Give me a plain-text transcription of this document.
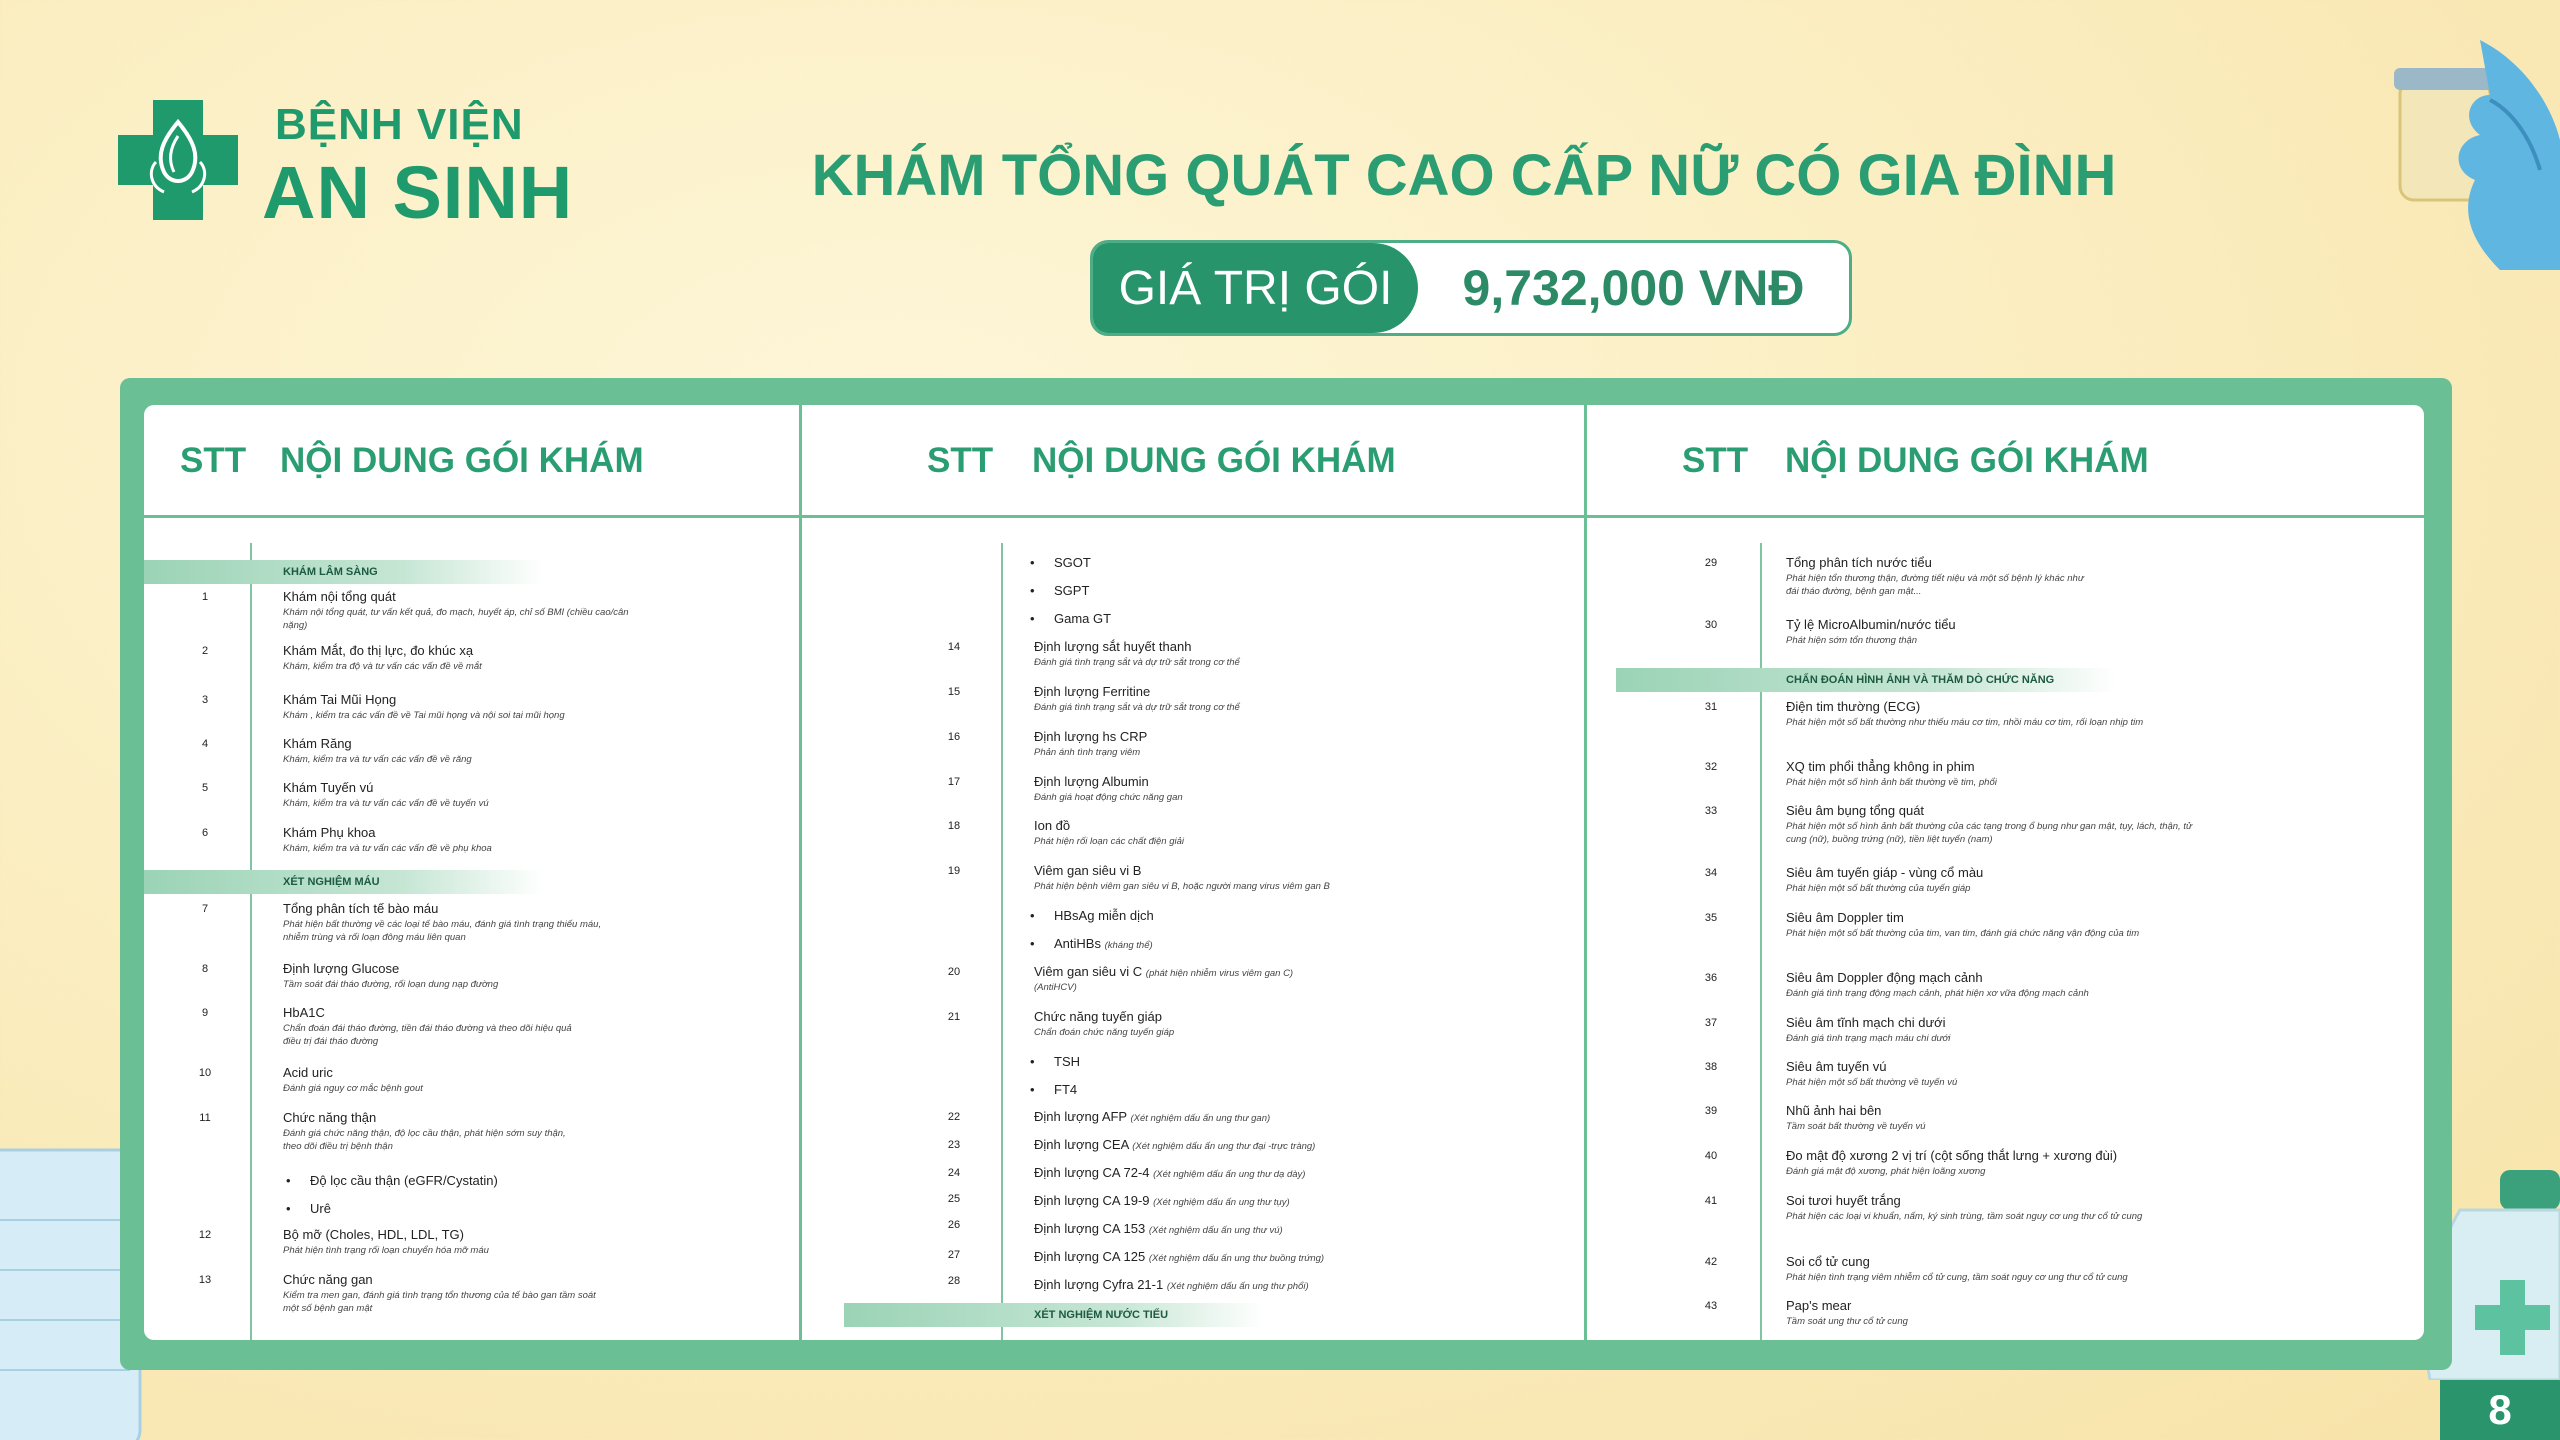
BỆNH VIỆN
AN SINH	KHÁM TỔNG QUÁT CAO CẤP NỮ CÓ GIA ĐÌNH
GIÁ TRỊ GÓI	9,732,000 VNĐ
STT NỘI DUNG GÓI KHÁM	STT NỘI DUNG GÓI KHÁM	STT NỘI DUNG GÓI KHÁM
KHÁM LÂM SÀNG
1	Khám nội tổng quát
Khám nội tổng quát, tư vấn kết quả, đo mạch, huyết áp, chỉ số BMI (chiều cao/cân nặng)
2	Khám Mắt, đo thị lực, đo khúc xạ
Khám, kiểm tra độ và tư vấn các vấn đề về mắt
3	Khám Tai Mũi Họng
Khám , kiểm tra các vấn đề về Tai mũi họng và nội soi tai mũi họng
4	Khám Răng
Khám, kiểm tra và tư vấn các vấn đề về răng
5	Khám Tuyến vú
Khám, kiểm tra và tư vấn các vấn đề về tuyến vú
6	Khám Phụ khoa
Khám, kiểm tra và tư vấn các vấn đề về phụ khoa
XÉT NGHIỆM MÁU
7	Tổng phân tích tế bào máu
Phát hiện bất thường về các loại tế bào máu, đánh giá tình trạng thiếu máu, nhiễm trùng và rối loạn đông máu liên quan
8	Định lượng Glucose
Tầm soát đái tháo đường, rối loạn dung nạp đường
9	HbA1C
Chẩn đoán đái tháo đường, tiền đái tháo đường và theo dõi hiệu quả điều trị đái tháo đường
10	Acid uric
Đánh giá nguy cơ mắc bệnh gout
11	Chức năng thận
Đánh giá chức năng thận, độ lọc cầu thận, phát hiện sớm suy thận, theo dõi điều trị bệnh thận
• Độ lọc cầu thận (eGFR/Cystatin)
• Urê
12	Bộ mỡ (Choles, HDL, LDL, TG)
Phát hiện tình trạng rối loạn chuyển hóa mỡ máu
13	Chức năng gan
Kiểm tra men gan, đánh giá tình trạng tổn thương của tế bào gan tầm soát một số bệnh gan mật
• SGOT
• SGPT
• Gama GT
14	Định lượng sắt huyết thanh
Đánh giá tình trạng sắt và dự trữ sắt trong cơ thể
15	Định lượng Ferritine
Đánh giá tình trạng sắt và dự trữ sắt trong cơ thể
16	Định lượng hs CRP
Phản ánh tình trạng viêm
17	Định lượng Albumin
Đánh giá hoạt động chức năng gan
18	Ion đồ
Phát hiện rối loạn các chất điện giải
19	Viêm gan siêu vi B
Phát hiện bệnh viêm gan siêu vi B, hoặc người mang virus viêm gan B
• HBsAg miễn dịch
• AntiHBs (kháng thể)
20	Viêm gan siêu vi C (phát hiện nhiễm virus viêm gan C)
(AntiHCV)
21	Chức năng tuyến giáp
Chẩn đoán chức năng tuyến giáp
• TSH
• FT4
22	Định lượng AFP (Xét nghiệm dấu ấn ung thư gan)
23	Định lượng CEA (Xét nghiệm dấu ấn ung thư đại -trực tràng)
24	Định lượng CA 72-4 (Xét nghiệm dấu ấn ung thư dạ dày)
25	Định lượng CA 19-9 (Xét nghiệm dấu ấn ung thư tụy)
26	Định lượng CA 153 (Xét nghiệm dấu ấn ung thư vú)
27	Định lượng CA 125 (Xét nghiệm dấu ấn ung thư buồng trứng)
28	Định lượng Cyfra 21-1 (Xét nghiệm dấu ấn ung thư phổi)
XÉT NGHIỆM NƯỚC TIỂU
29	Tổng phân tích nước tiểu
Phát hiện tổn thương thận, đường tiết niệu và một số bệnh lý khác như đái tháo đường, bệnh gan mật...
30	Tỷ lệ MicroAlbumin/nước tiểu
Phát hiện sớm tổn thương thận
CHẨN ĐOÁN HÌNH ẢNH VÀ THĂM DÒ CHỨC NĂNG
31	Điện tim thường (ECG)
Phát hiện một số bất thường như thiếu máu cơ tim, nhồi máu cơ tim, rối loạn nhịp tim
32	XQ tim phổi thẳng không in phim
Phát hiện một số hình ảnh bất thường về tim, phổi
33	Siêu âm bụng tổng quát
Phát hiện một số hình ảnh bất thường của các tạng trong ổ bụng như gan mật, tụy, lách, thận, tử cung (nữ), buồng trứng (nữ), tiền liệt tuyến (nam)
34	Siêu âm tuyến giáp - vùng cổ màu
Phát hiện một số bất thường của tuyến giáp
35	Siêu âm Doppler tim
Phát hiện một số bất thường của tim, van tim, đánh giá chức năng vận động của tim
36	Siêu âm Doppler động mạch cảnh
Đánh giá tình trạng động mạch cảnh, phát hiện xơ vữa động mạch cảnh
37	Siêu âm tĩnh mạch chi dưới
Đánh giá tình trạng mạch máu chi dưới
38	Siêu âm tuyến vú
Phát hiện một số bất thường về tuyến vú
39	Nhũ ảnh hai bên
Tầm soát bất thường về tuyến vú
40	Đo mật độ xương 2 vị trí (cột sống thắt lưng + xương đùi)
Đánh giá mật độ xương, phát hiện loãng xương
41	Soi tươi huyết trắng
Phát hiện các loại vi khuẩn, nấm, ký sinh trùng, tầm soát nguy cơ ung thư cổ tử cung
42	Soi cổ tử cung
Phát hiện tình trạng viêm nhiễm cổ tử cung, tầm soát nguy cơ ung thư cổ tử cung
43	Pap's mear
Tầm soát ung thư cổ tử cung
8
